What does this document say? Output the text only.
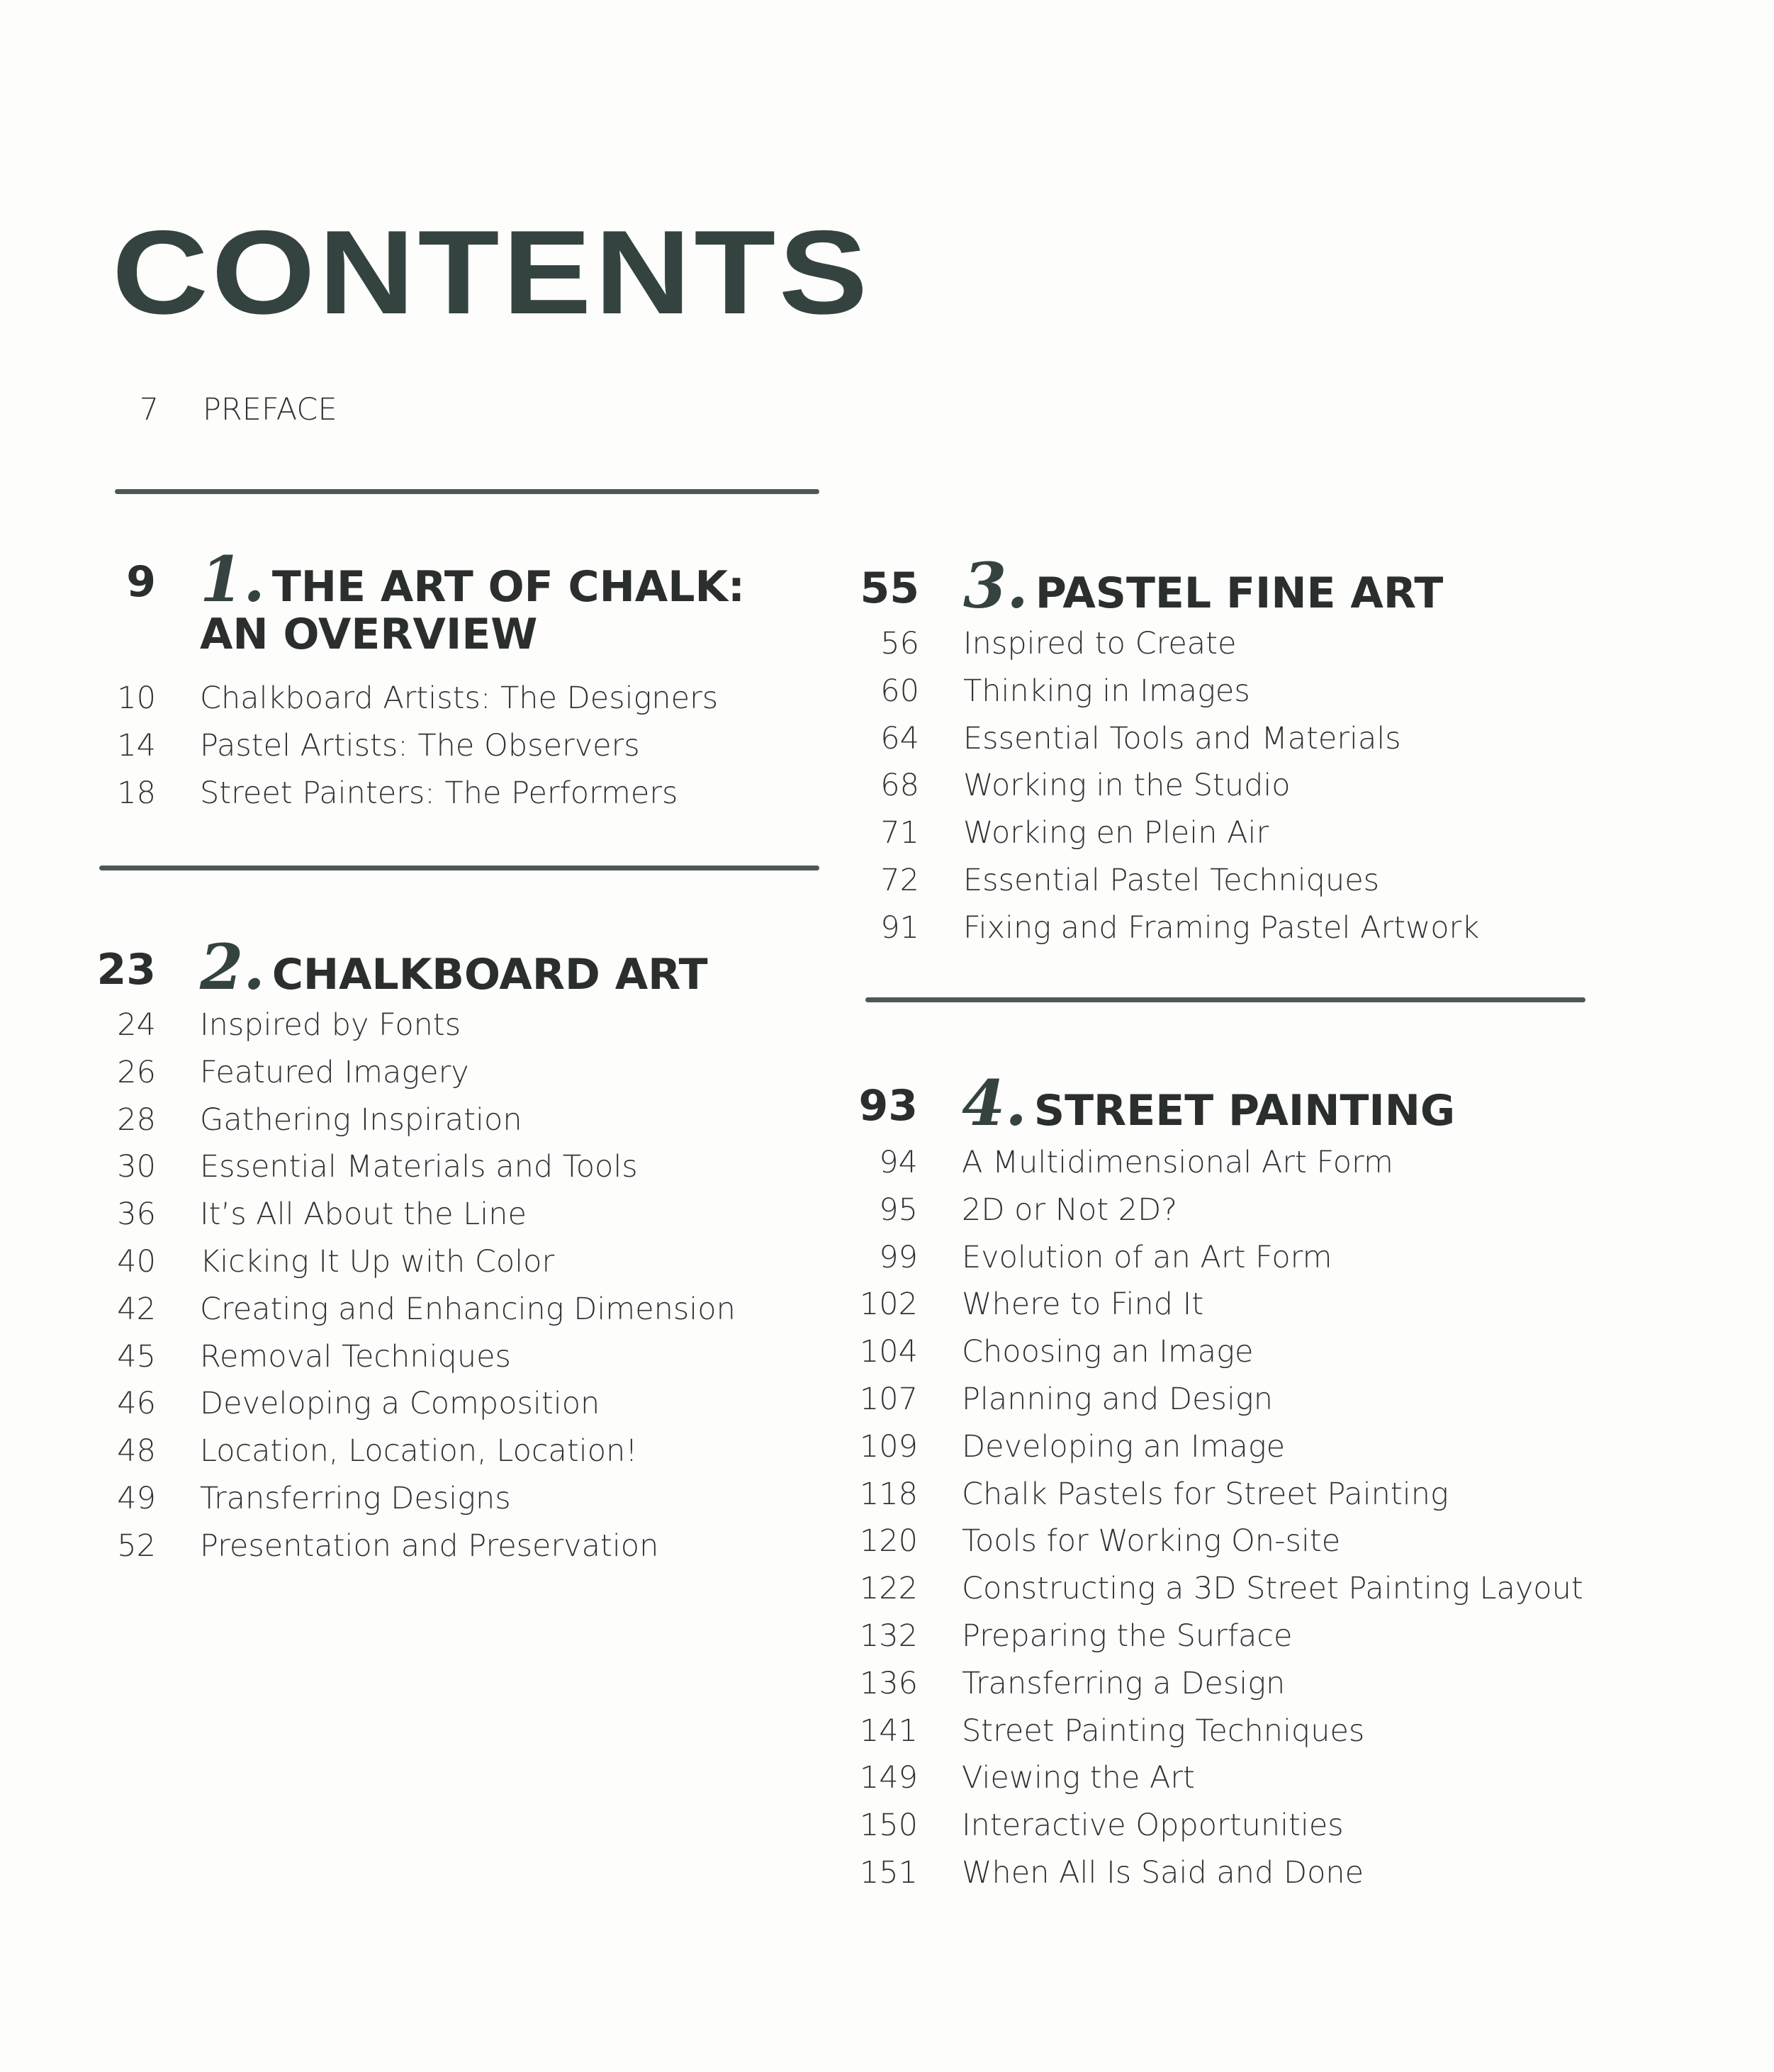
CONTENTS
7 PREFACE
9 1. THE ART OF CHALK:
AN OVERVIEW
10 Chalkboard Artists: The Designers
14 Pastel Artists: The Observers
18 Street Painters: The Performers
23 2. CHALKBOARD ART
24 Inspired by Fonts
26 Featured Imagery
28 Gathering Inspiration
30 Essential Materials and Tools
36 It’s All About the Line
40 Kicking It Up with Color
42 Creating and Enhancing Dimension
45 Removal Techniques
46 Developing a Composition
48 Location, Location, Location!
49 Transferring Designs
52 Presentation and Preservation
55 3. PASTEL FINE ART
56 Inspired to Create
60 Thinking in Images
64 Essential Tools and Materials
68 Working in the Studio
71 Working en Plein Air
72 Essential Pastel Techniques
91 Fixing and Framing Pastel Artwork
93 4. STREET PAINTING
94 A Multidimensional Art Form
95 2D or Not 2D?
99 Evolution of an Art Form
102 Where to Find It
104 Choosing an Image
107 Planning and Design
109 Developing an Image
118 Chalk Pastels for Street Painting
120 Tools for Working On-site
122 Constructing a 3D Street Painting Layout
132 Preparing the Surface
136 Transferring a Design
141 Street Painting Techniques
149 Viewing the Art
150 Interactive Opportunities
151 When All Is Said and Done
